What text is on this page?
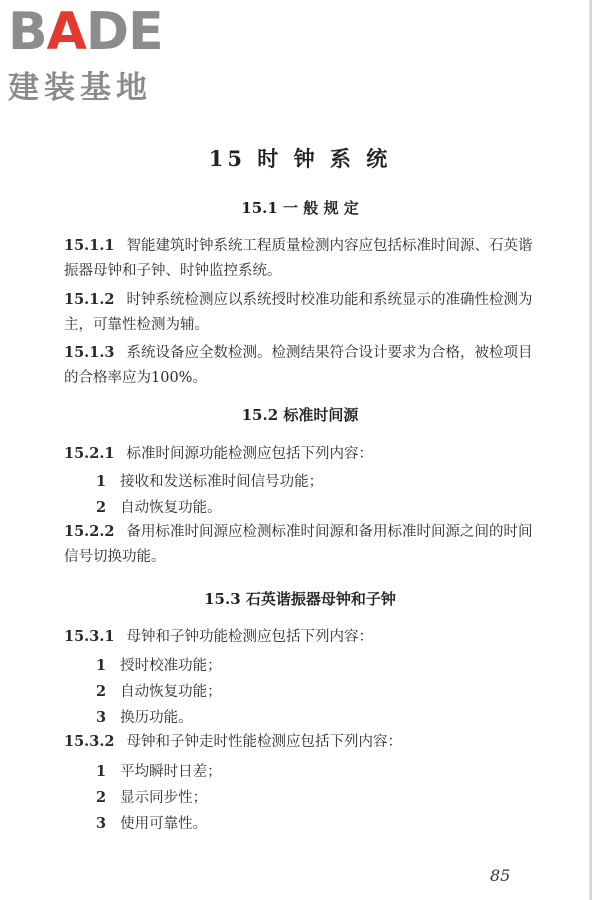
B A D E
建装基地
15 时 钟 系 统
15.1 一 般 规 定
15.1.1 智能建筑时钟系统工程质量检测内容应包括标准时间源、石英谐振器母钟和子钟、时钟监控系统。
15.1.2 时钟系统检测应以系统授时校准功能和系统显示的准确性检测为主，可靠性检测为辅。
15.1.3 系统设备应全数检测。检测结果符合设计要求为合格，被检项目的合格率应为100%。
15.2 标准时间源
15.2.1 标准时间源功能检测应包括下列内容：
1 接收和发送标准时间信号功能；
2 自动恢复功能。
15.2.2 备用标准时间源应检测标准时间源和备用标准时间源之间的时间信号切换功能。
15.3 石英谐振器母钟和子钟
15.3.1 母钟和子钟功能检测应包括下列内容：
1 授时校准功能；
2 自动恢复功能；
3 换历功能。
15.3.2 母钟和子钟走时性能检测应包括下列内容：
1 平均瞬时日差；
2 显示同步性；
3 使用可靠性。
85
